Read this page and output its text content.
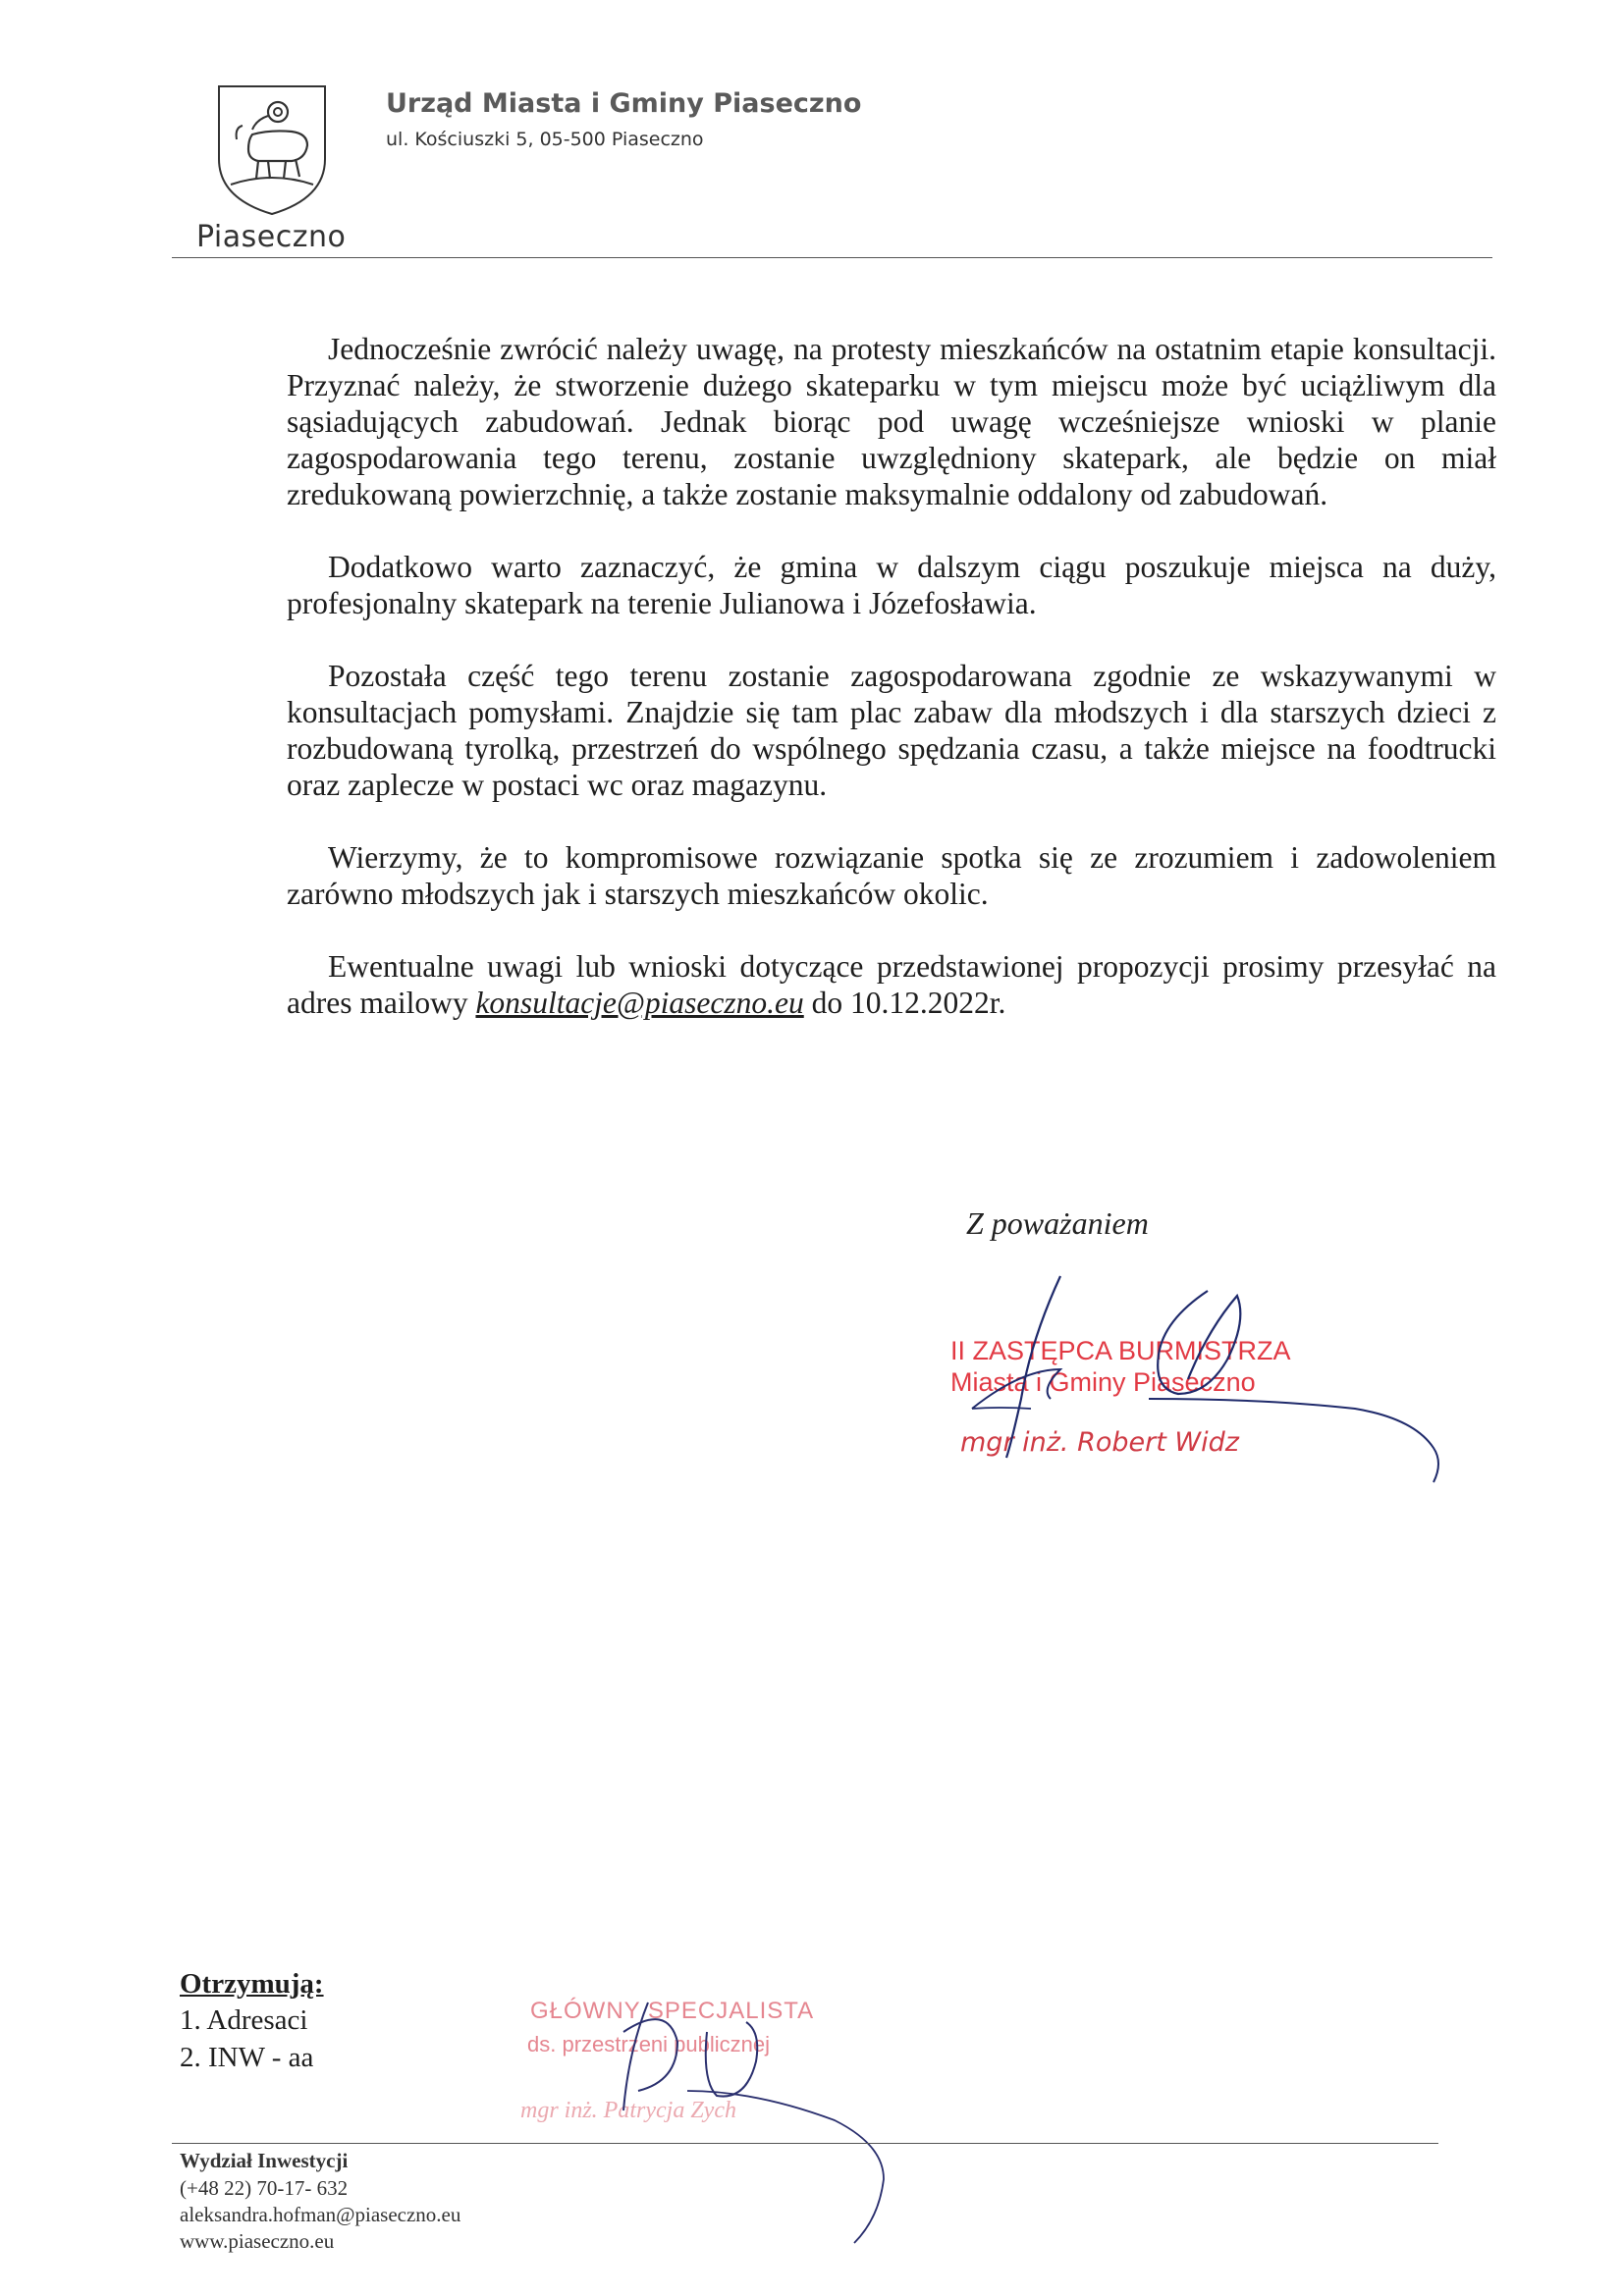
Piaseczno
Urząd Miasta i Gminy Piaseczno
ul. Kościuszki 5, 05-500 Piaseczno

Jednocześnie zwrócić należy uwagę, na protesty mieszkańców na ostatnim etapie konsultacji. Przyznać należy, że stworzenie dużego skateparku w tym miejscu może być uciążliwym dla sąsiadujących zabudowań. Jednak biorąc pod uwagę wcześniejsze wnioski w planie zagospodarowania tego terenu, zostanie uwzględniony skatepark, ale będzie on miał zredukowaną powierzchnię, a także zostanie maksymalnie oddalony od zabudowań.

Dodatkowo warto zaznaczyć, że gmina w dalszym ciągu poszukuje miejsca na duży, profesjonalny skatepark na terenie Julianowa i Józefosławia.

Pozostała część tego terenu zostanie zagospodarowana zgodnie ze wskazywanymi w konsultacjach pomysłami. Znajdzie się tam plac zabaw dla młodszych i dla starszych dzieci z rozbudowaną tyrolką, przestrzeń do wspólnego spędzania czasu, a także miejsce na foodtrucki oraz zaplecze w postaci wc oraz magazynu.

Wierzymy, że to kompromisowe rozwiązanie spotka się ze zrozumiem i zadowoleniem zarówno młodszych jak i starszych mieszkańców okolic.

Ewentualne uwagi lub wnioski dotyczące przedstawionej propozycji prosimy przesyłać na adres mailowy konsultacje@piaseczno.eu do 10.12.2022r.

Z poważaniem
II ZASTĘPCA BURMISTRZA
Miasta i Gminy Piaseczno
mgr inż. Robert Widz
Otrzymują:
1. Adresaci
2. INW - aa
GŁÓWNY SPECJALISTA
ds. przestrzeni publicznej
mgr inż. Patrycja Zych
Wydział Inwestycji
(+48 22) 70-17- 632
aleksandra.hofman@piaseczno.eu
www.piaseczno.eu
